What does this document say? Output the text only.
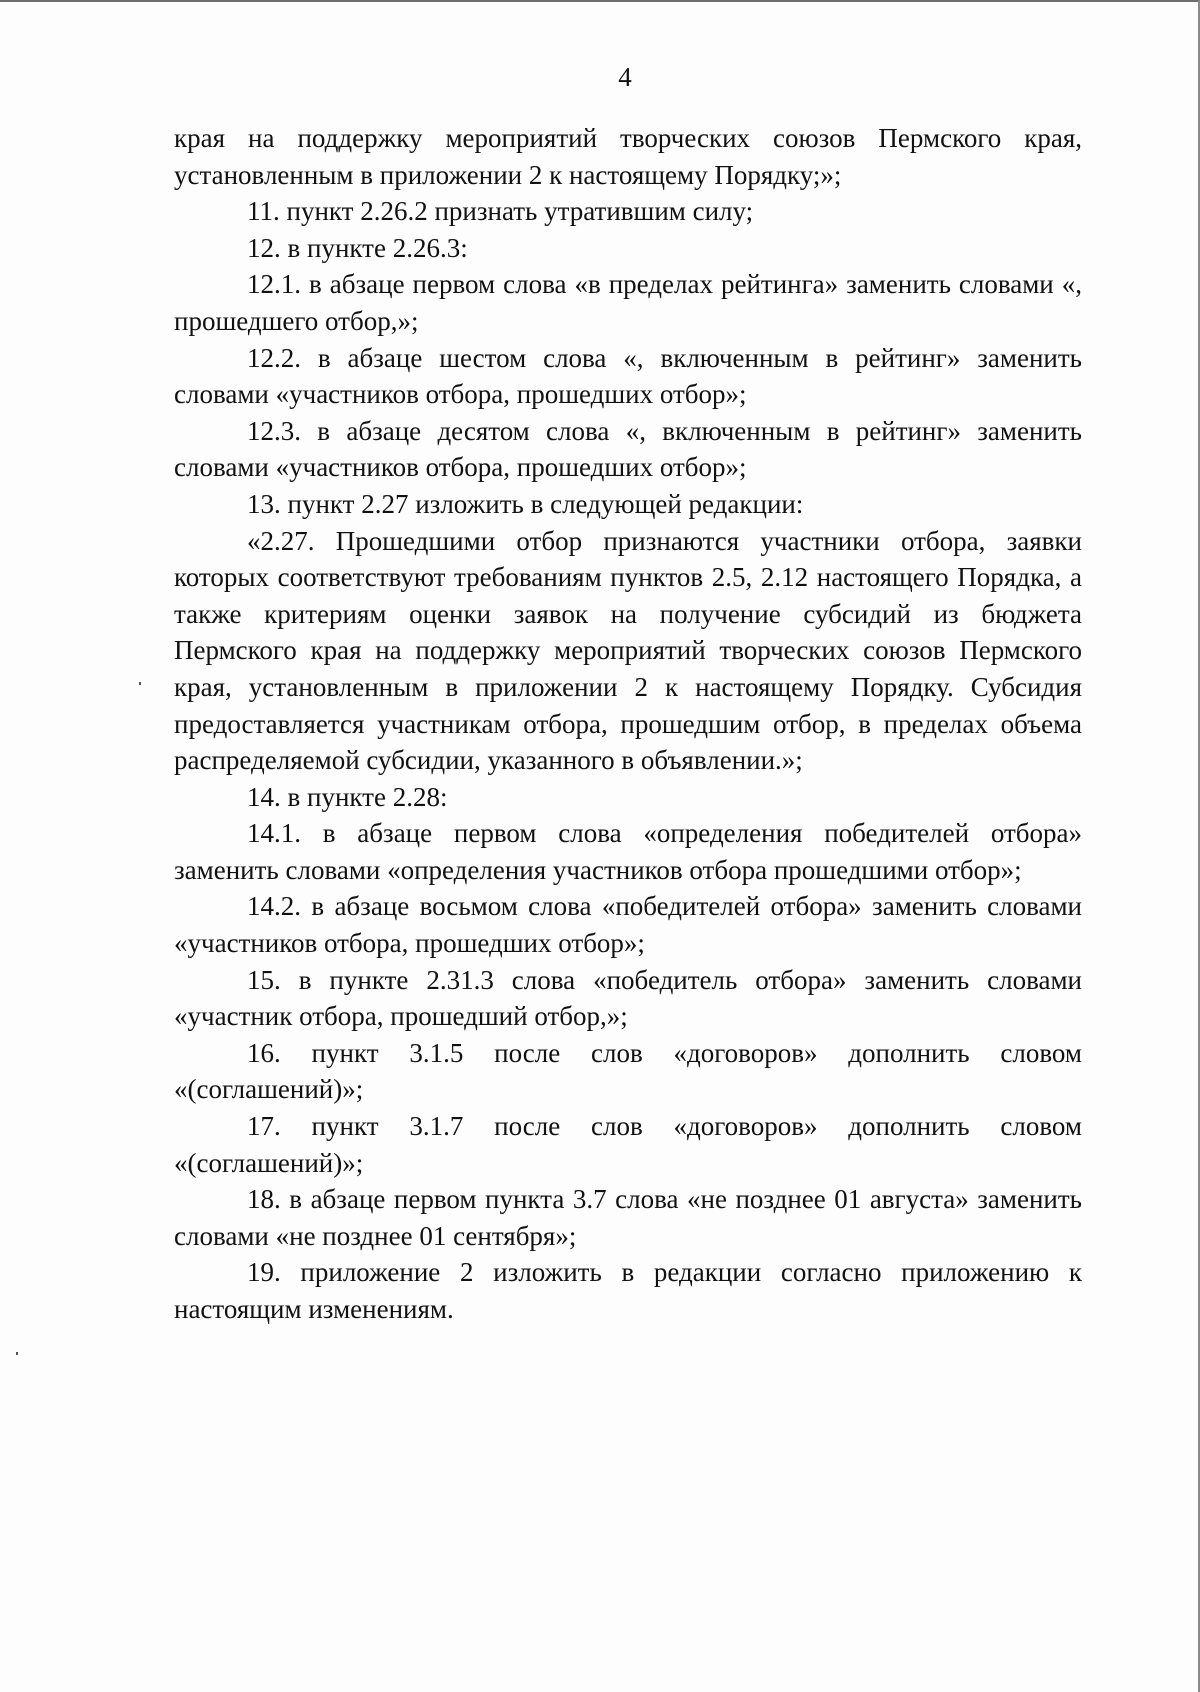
4

края на поддержку мероприятий творческих союзов Пермского края, установленным в приложении 2 к настоящему Порядку;»;

11. пункт 2.26.2 признать утратившим силу;

12. в пункте 2.26.3:

12.1. в абзаце первом слова «в пределах рейтинга» заменить словами «, прошедшего отбор,»;

12.2. в абзаце шестом слова «, включенным в рейтинг» заменить словами «участников отбора, прошедших отбор»;

12.3. в абзаце десятом слова «, включенным в рейтинг» заменить словами «участников отбора, прошедших отбор»;

13. пункт 2.27 изложить в следующей редакции:

«2.27. Прошедшими отбор признаются участники отбора, заявки которых соответствуют требованиям пунктов 2.5, 2.12 настоящего Порядка, а также критериям оценки заявок на получение субсидий из бюджета Пермского края на поддержку мероприятий творческих союзов Пермского края, установленным в приложении 2 к настоящему Порядку. Субсидия предоставляется участникам отбора, прошедшим отбор, в пределах объема распределяемой субсидии, указанного в объявлении.»;

14. в пункте 2.28:

14.1. в абзаце первом слова «определения победителей отбора» заменить словами «определения участников отбора прошедшими отбор»;

14.2. в абзаце восьмом слова «победителей отбора» заменить словами «участников отбора, прошедших отбор»;

15. в пункте 2.31.3 слова «победитель отбора» заменить словами «участник отбора, прошедший отбор,»;

16. пункт 3.1.5 после слов «договоров» дополнить словом «(соглашений)»;

17. пункт 3.1.7 после слов «договоров» дополнить словом «(соглашений)»;

18. в абзаце первом пункта 3.7 слова «не позднее 01 августа» заменить словами «не позднее 01 сентября»;

19. приложение 2 изложить в редакции согласно приложению к настоящим изменениям.
